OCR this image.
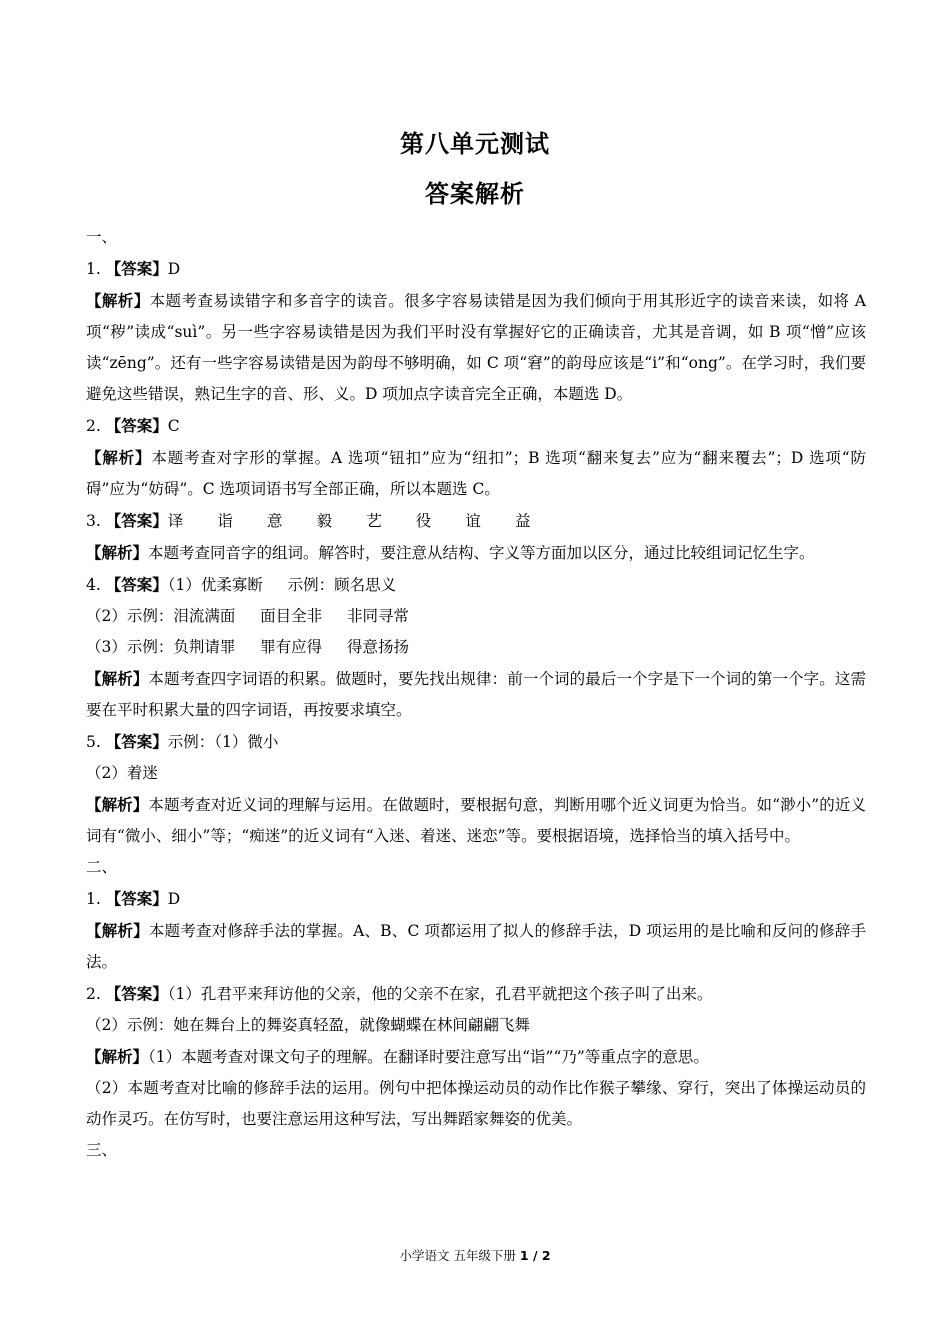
第八单元测试
答案解析

一、

1. 【答案】D

【解析】本题考查易读错字和多音字的读音。很多字容易读错是因为我们倾向于用其形近字的读音来读，如将 A 项“秽”读成“suì”。另一些字容易读错是因为我们平时没有掌握好它的正确读音，尤其是音调，如 B 项“憎”应该读“zēng”。还有一些字容易读错是因为韵母不够明确，如 C 项“窘”的韵母应该是“i”和“ong”。在学习时，我们要避免这些错误，熟记生字的音、形、义。D 项加点字读音完全正确，本题选 D。

2. 【答案】C

【解析】本题考查对字形的掌握。A 选项“钮扣”应为“纽扣”；B 选项“翻来复去”应为“翻来覆去”；D 选项“防碍”应为“妨碍”。C 选项词语书写全部正确，所以本题选 C。

3. 【答案】译 诣 意 毅 艺 役 谊 益

【解析】本题考查同音字的组词。解答时，要注意从结构、字义等方面加以区分，通过比较组词记忆生字。

4. 【答案】（1）优柔寡断 示例：顾名思义

（2）示例：泪流满面 面目全非 非同寻常

（3）示例：负荆请罪 罪有应得 得意扬扬

【解析】本题考查四字词语的积累。做题时，要先找出规律：前一个词的最后一个字是下一个词的第一个字。这需要在平时积累大量的四字词语，再按要求填空。

5. 【答案】示例：（1）微小

（2）着迷

【解析】本题考查对近义词的理解与运用。在做题时，要根据句意，判断用哪个近义词更为恰当。如“渺小”的近义词有“微小、细小”等；“痴迷”的近义词有“入迷、着迷、迷恋”等。要根据语境，选择恰当的填入括号中。

二、

1. 【答案】D

【解析】本题考查对修辞手法的掌握。A、B、C 项都运用了拟人的修辞手法，D 项运用的是比喻和反问的修辞手法。

2. 【答案】（1）孔君平来拜访他的父亲，他的父亲不在家，孔君平就把这个孩子叫了出来。

（2）示例：她在舞台上的舞姿真轻盈，就像蝴蝶在林间翩翩飞舞

【解析】（1）本题考查对课文句子的理解。在翻译时要注意写出“诣”“乃”等重点字的意思。

（2）本题考查对比喻的修辞手法的运用。例句中把体操运动员的动作比作猴子攀缘、穿行，突出了体操运动员的动作灵巧。在仿写时，也要注意运用这种写法，写出舞蹈家舞姿的优美。

三、

小学语文 五年级下册 1 / 2
